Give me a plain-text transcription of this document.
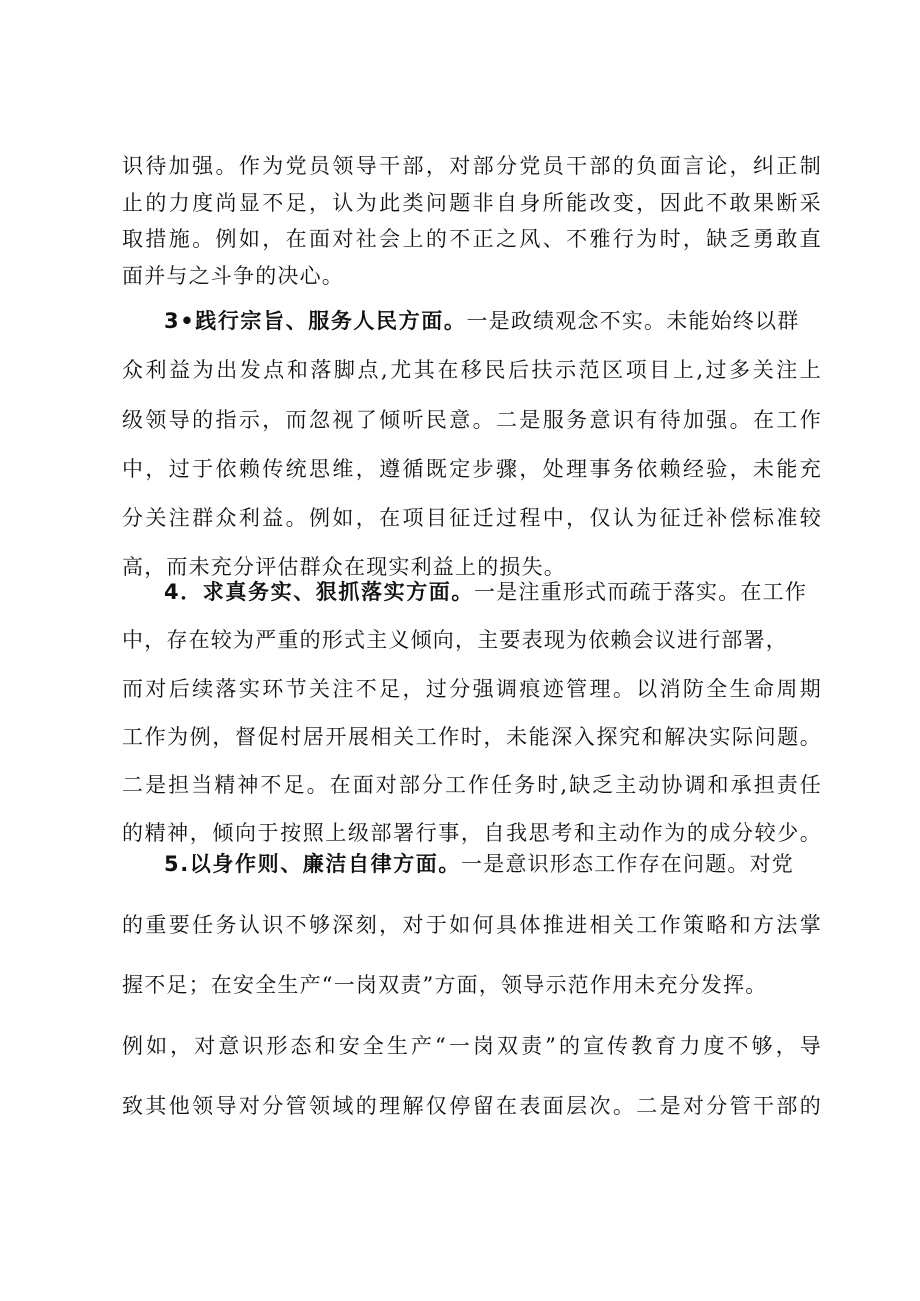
识待加强。作为党员领导干部，对部分党员干部的负面言论，纠正制
止的力度尚显不足，认为此类问题非自身所能改变，因此不敢果断采
取措施。例如，在面对社会上的不正之风、不雅行为时，缺乏勇敢直
面并与之斗争的决心。
3•践行宗旨、服务人民方面。一是政绩观念不实。未能始终以群
众利益为出发点和落脚点,尤其在移民后扶示范区项目上,过多关注上
级领导的指示，而忽视了倾听民意。二是服务意识有待加强。在工作
中，过于依赖传统思维，遵循既定步骤，处理事务依赖经验，未能充
分关注群众利益。例如，在项目征迁过程中，仅认为征迁补偿标准较
高，而未充分评估群众在现实利益上的损失。
4．求真务实、狠抓落实方面。一是注重形式而疏于落实。在工作
中，存在较为严重的形式主义倾向，主要表现为依赖会议进行部署，
而对后续落实环节关注不足，过分强调痕迹管理。以消防全生命周期
工作为例，督促村居开展相关工作时，未能深入探究和解决实际问题。
二是担当精神不足。在面对部分工作任务时,缺乏主动协调和承担责任
的精神，倾向于按照上级部署行事，自我思考和主动作为的成分较少。
5.以身作则、廉洁自律方面。一是意识形态工作存在问题。对党
的重要任务认识不够深刻，对于如何具体推进相关工作策略和方法掌
握不足；在安全生产“一岗双责”方面，领导示范作用未充分发挥。
例如，对意识形态和安全生产“一岗双责”的宣传教育力度不够，导
致其他领导对分管领域的理解仅停留在表面层次。二是对分管干部的
